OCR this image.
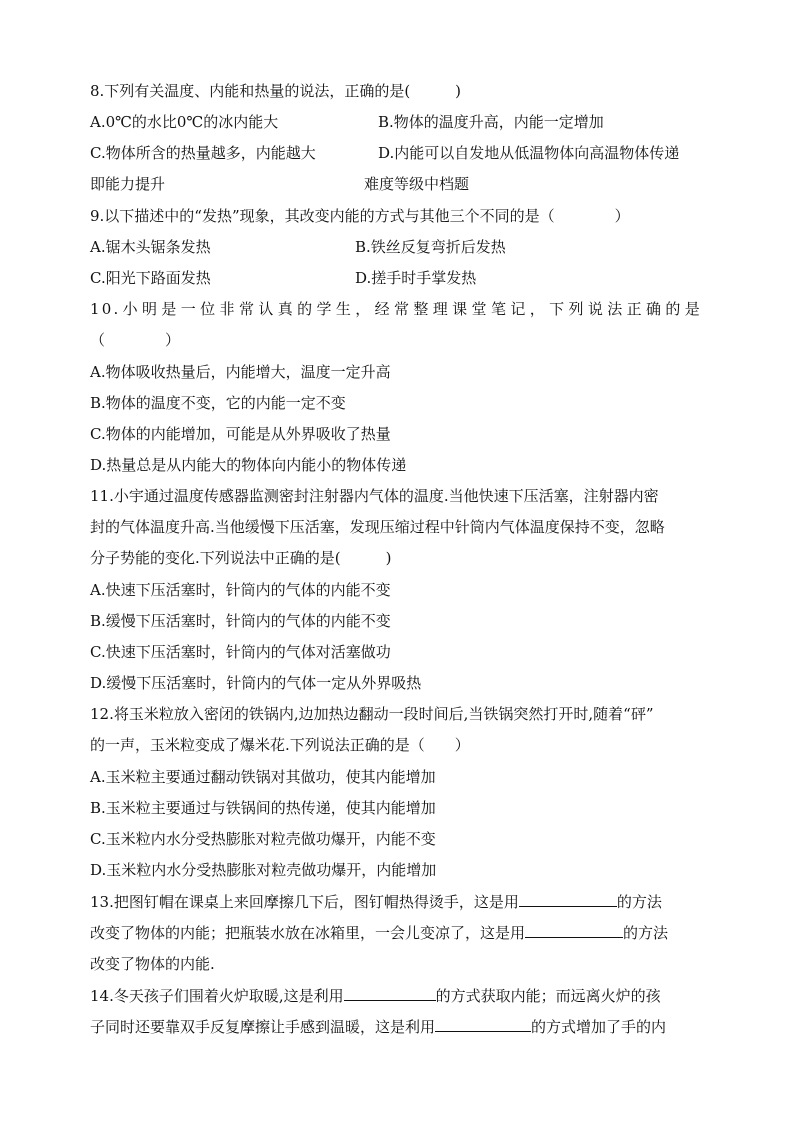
8.下列有关温度、内能和热量的说法，正确的是(　　　)
A.0℃的水比0℃的冰内能大	B.物体的温度升高，内能一定增加
C.物体所含的热量越多，内能越大	D.内能可以自发地从低温物体向高温物体传递
即能力提升	难度等级中档题
9.以下描述中的“发热”现象，其改变内能的方式与其他三个不同的是（　　　　）
A.锯木头锯条发热	B.铁丝反复弯折后发热
C.阳光下路面发热	D.搓手时手掌发热
10.小明是一位非常认真的学生，经常整理课堂笔记，下列说法正确的是
（　　　　）
A.物体吸收热量后，内能增大，温度一定升高
B.物体的温度不变，它的内能一定不变
C.物体的内能增加，可能是从外界吸收了热量
D.热量总是从内能大的物体向内能小的物体传递
11.小宇通过温度传感器监测密封注射器内气体的温度.当他快速下压活塞，注射器内密
封的气体温度升高.当他缓慢下压活塞，发现压缩过程中针筒内气体温度保持不变，忽略
分子势能的变化.下列说法中正确的是(　　　)
A.快速下压活塞时，针筒内的气体的内能不变
B.缓慢下压活塞时，针筒内的气体的内能不变
C.快速下压活塞时，针筒内的气体对活塞做功
D.缓慢下压活塞时，针筒内的气体一定从外界吸热
12.将玉米粒放入密闭的铁锅内,边加热边翻动一段时间后,当铁锅突然打开时,随着“砰”
的一声，玉米粒变成了爆米花.下列说法正确的是（　　）
A.玉米粒主要通过翻动铁锅对其做功，使其内能增加
B.玉米粒主要通过与铁锅间的热传递，使其内能增加
C.玉米粒内水分受热膨胀对粒壳做功爆开，内能不变
D.玉米粒内水分受热膨胀对粒壳做功爆开，内能增加
13.把图钉帽在课桌上来回摩擦几下后，图钉帽热得烫手，这是用	的方法
改变了物体的内能；把瓶装水放在冰箱里，一会儿变凉了，这是用	的方法
改变了物体的内能.
14.冬天孩子们围着火炉取暖,这是利用	的方式获取内能；而远离火炉的孩
子同时还要靠双手反复摩擦让手感到温暖，这是利用	的方式增加了手的内
